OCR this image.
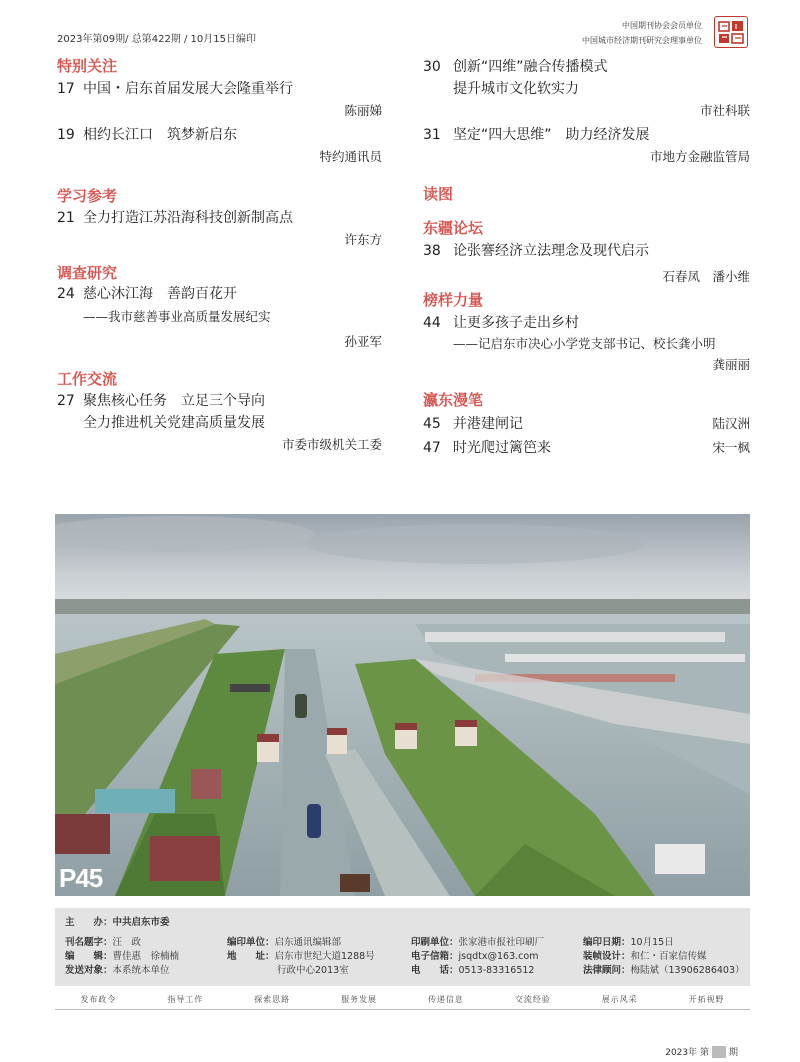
2023年第09期/ 总第422期 / 10月15日编印
中国期刊协会会员单位
中国城市经济期刊研究会理事单位
特别关注
17 中国・启东首届发展大会隆重举行
陈丽娣
19 相约长江口　筑梦新启东
特约通讯员
学习参考
21 全力打造江苏沿海科技创新制高点
许东方
调查研究
24 慈心沐江海　善韵百花开
——我市慈善事业高质量发展纪实
孙亚军
工作交流
27 聚焦核心任务　立足三个导向
全力推进机关党建高质量发展
市委市级机关工委
30 创新“四维”融合传播模式
提升城市文化软实力
市社科联
31 坚定“四大思维”　助力经济发展
市地方金融监管局
读图
东疆论坛
38 论张謇经济立法理念及现代启示
石春凤　潘小维
榜样力量
44 让更多孩子走出乡村
——记启东市决心小学党支部书记、校长龚小明
龚丽丽
瀛东漫笔
45 并港建闸记	陆汉洲
47 时光爬过篱笆来	宋一枫
P45
主　　办：中共启东市委
刊名题字：汪　政
编　　辑：曹佳惠　徐楠楠
发送对象：本系统本单位
编印单位：启东通讯编辑部
地　　址：启东市世纪大道1288号
行政中心2013室
印刷单位：张家港市报社印刷厂
电子信箱：jsqdtx@163.com
电　　话：0513-83316512
编印日期：10月15日
装帧设计：和仁・百家信传媒
法律顾问：梅陆斌（13906286403）
发布政令	指导工作	探索思路	服务发展	传递信息	交流经验	展示风采	开拓视野
2023年 第 期
